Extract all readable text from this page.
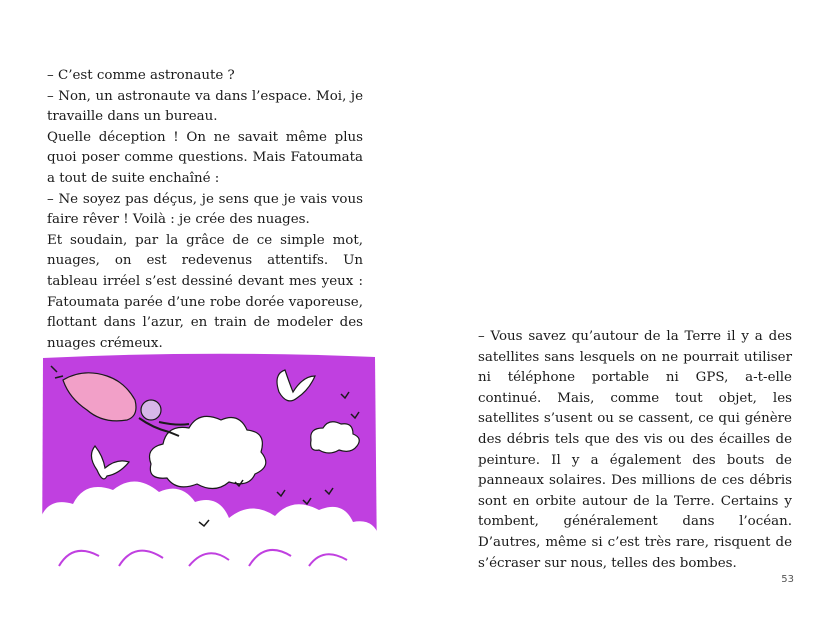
– C’est comme astronaute ?

– Non, un astronaute va dans l’espace. Moi, je travaille dans un bureau.

Quelle déception ! On ne savait même plus quoi poser comme questions. Mais Fatoumata a tout de suite enchaîné :

– Ne soyez pas déçus, je sens que je vais vous faire rêver ! Voilà : je crée des nuages.

Et soudain, par la grâce de ce simple mot, nuages, on est redevenus attentifs. Un tableau irréel s’est dessiné devant mes yeux : Fatoumata parée d’une robe dorée vaporeuse, flottant dans l’azur, en train de modeler des nuages crémeux.	– Vous savez qu’autour de la Terre il y a des satellites sans lesquels on ne pourrait utiliser ni téléphone portable ni GPS, a-t-elle continué. Mais, comme tout objet, les satellites s’usent ou se cassent, ce qui génère des débris tels que des vis ou des écailles de peinture. Il y a également des bouts de panneaux solaires. Des millions de ces débris sont en orbite autour de la Terre. Certains y tombent, généralement dans l’océan. D’autres, même si c’est très rare, risquent de s’écraser sur nous, telles des bombes.

53
